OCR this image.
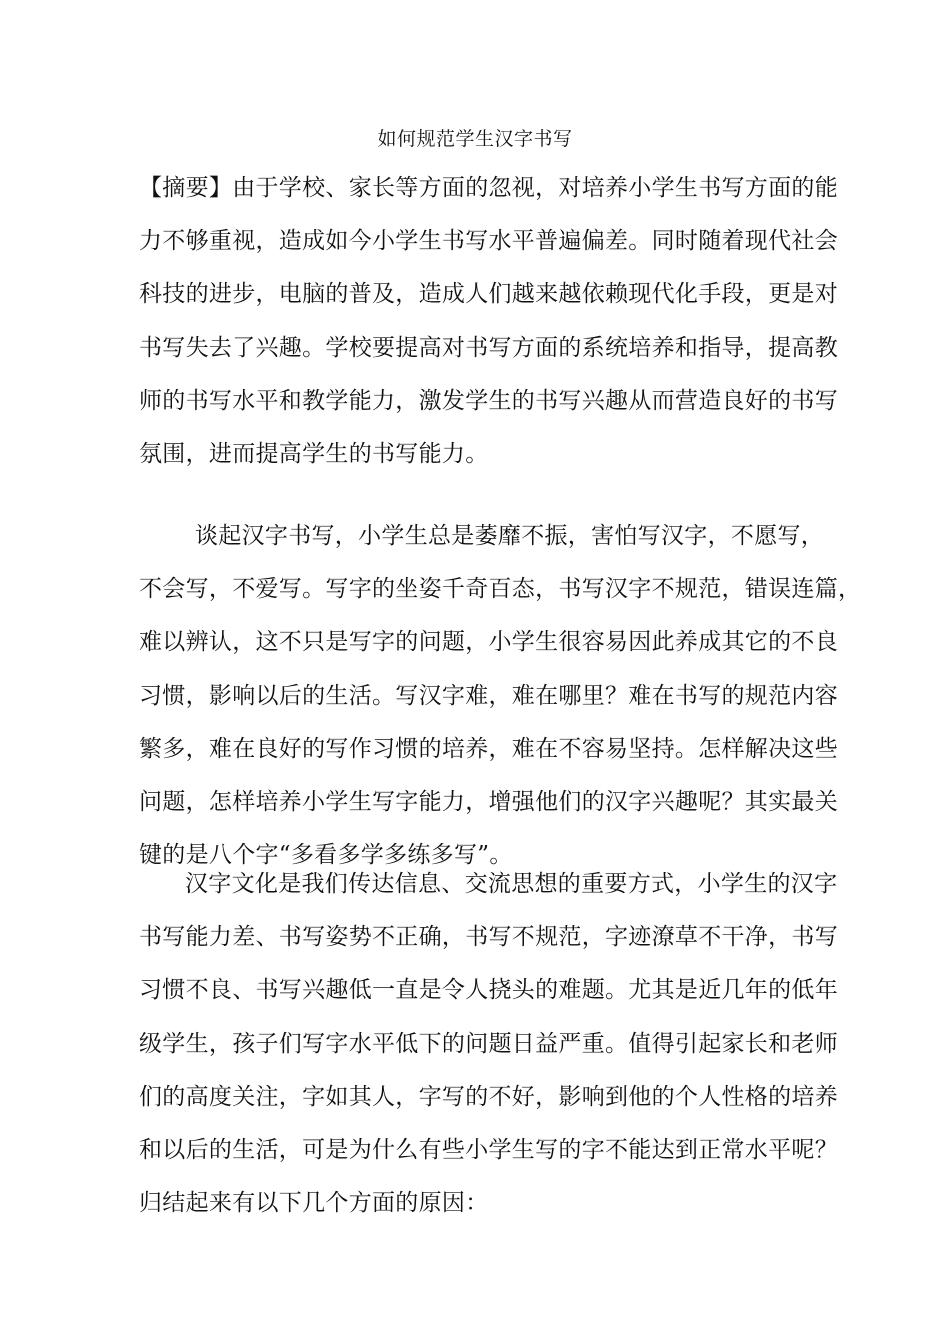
如何规范学生汉字书写
【摘要】由于学校、家长等方面的忽视，对培养小学生书写方面的能
力不够重视，造成如今小学生书写水平普遍偏差。同时随着现代社会
科技的进步，电脑的普及，造成人们越来越依赖现代化手段，更是对
书写失去了兴趣。学校要提高对书写方面的系统培养和指导，提高教
师的书写水平和教学能力，激发学生的书写兴趣从而营造良好的书写
氛围，进而提高学生的书写能力。
谈起汉字书写，小学生总是萎靡不振，害怕写汉字，不愿写，
不会写，不爱写。写字的坐姿千奇百态，书写汉字不规范，错误连篇，
难以辨认，这不只是写字的问题，小学生很容易因此养成其它的不良
习惯，影响以后的生活。写汉字难，难在哪里？难在书写的规范内容
繁多，难在良好的写作习惯的培养，难在不容易坚持。怎样解决这些
问题，怎样培养小学生写字能力，增强他们的汉字兴趣呢？其实最关
键的是八个字“多看多学多练多写”。
汉字文化是我们传达信息、交流思想的重要方式，小学生的汉字
书写能力差、书写姿势不正确，书写不规范，字迹潦草不干净，书写
习惯不良、书写兴趣低一直是令人挠头的难题。尤其是近几年的低年
级学生，孩子们写字水平低下的问题日益严重。值得引起家长和老师
们的高度关注，字如其人，字写的不好，影响到他的个人性格的培养
和以后的生活，可是为什么有些小学生写的字不能达到正常水平呢？
归结起来有以下几个方面的原因：
